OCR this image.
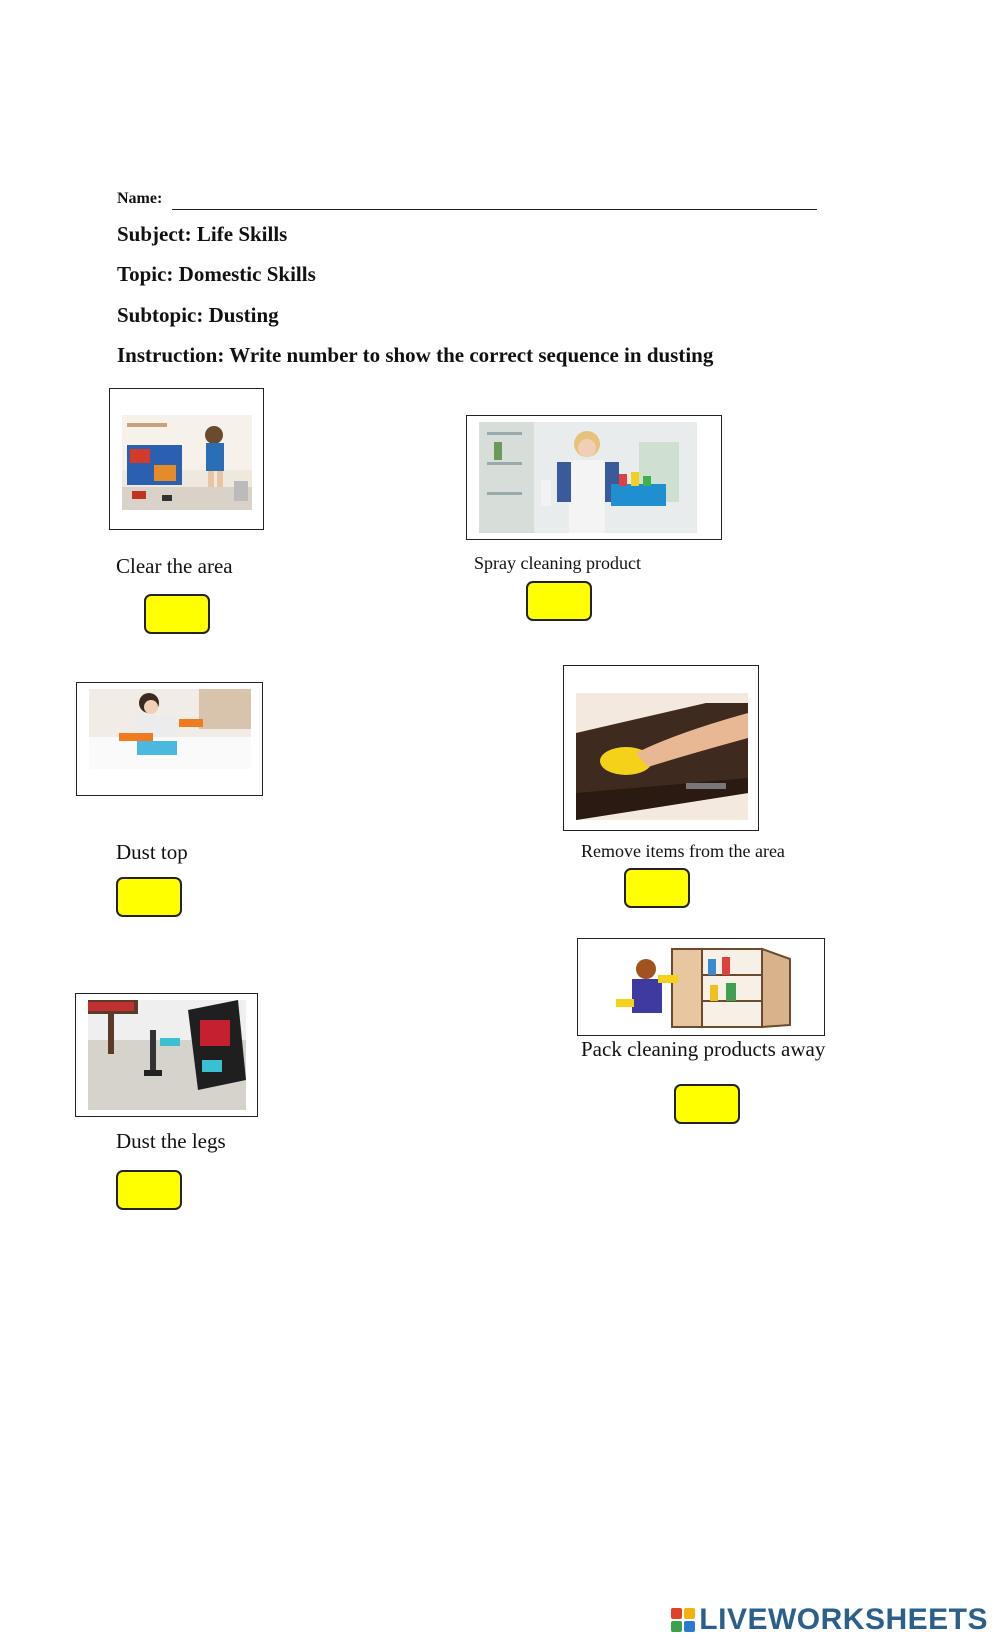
Name:
Subject: Life Skills
Topic: Domestic Skills
Subtopic: Dusting
Instruction: Write number to show the correct sequence in dusting
Clear the area	Spray cleaning product
Dust top	Remove items from the area
Pack cleaning products away
Dust the legs
LIVEWORKSHEETS
